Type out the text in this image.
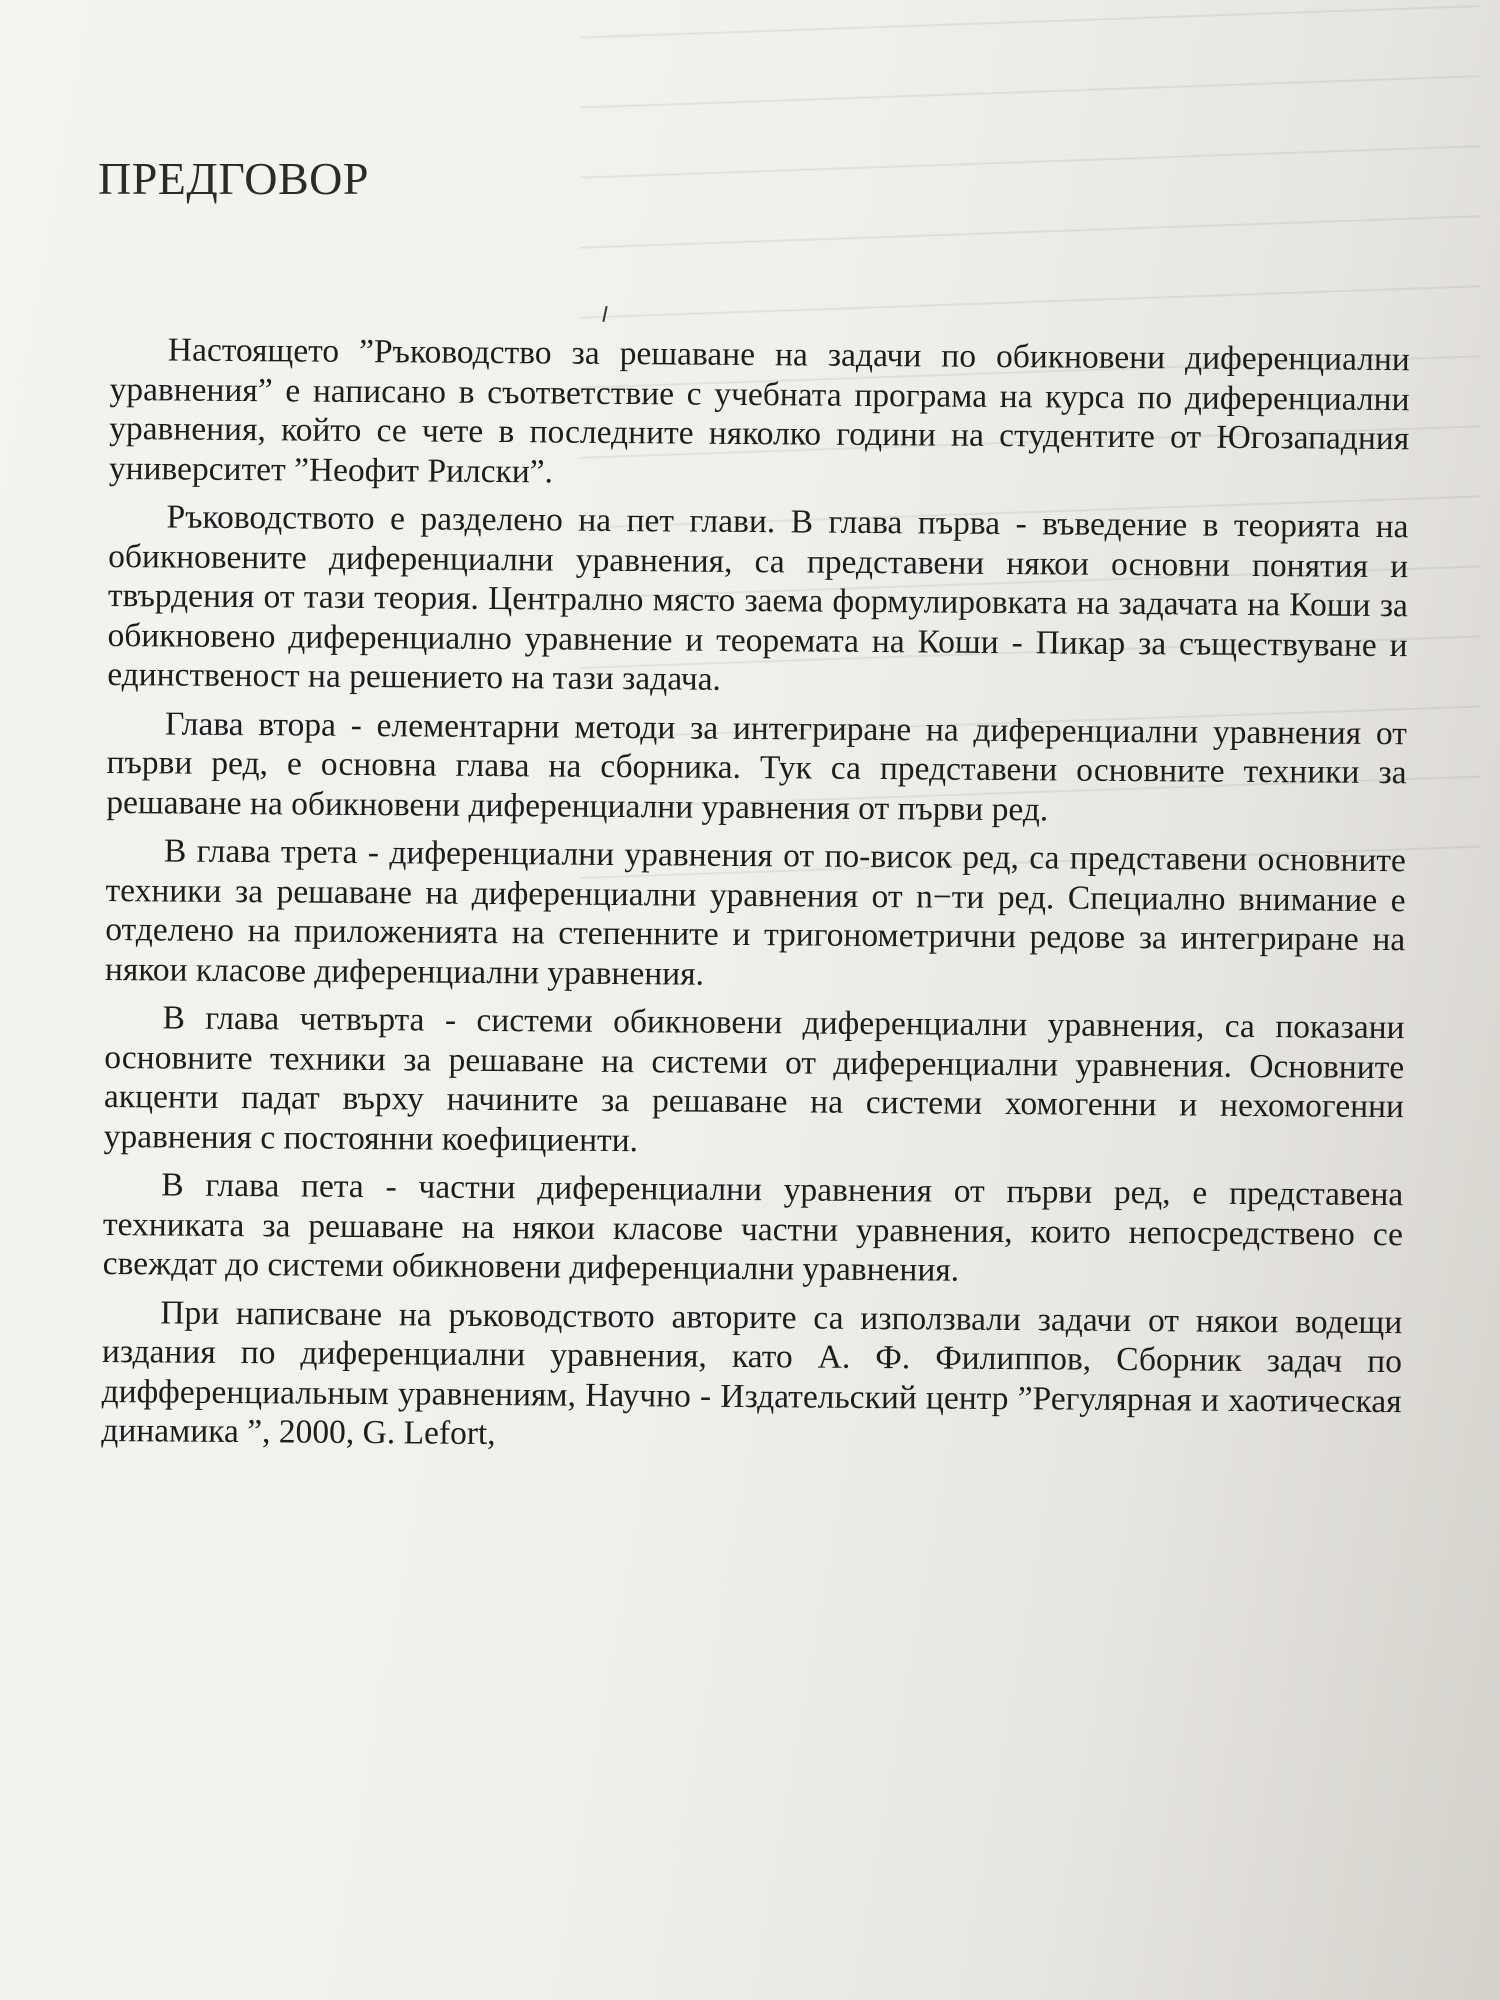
ПРЕДГОВОР

Настоящето ”Ръководство за решаване на задачи по обикновени диференциални уравнения” е написано в съответствие с учебната програма на курса по диференциални уравнения, който се чете в последните няколко години на студентите от Югозападния университет ”Неофит Рилски”.

Ръководството е разделено на пет глави. В глава първа - въведение в теорията на обикновените диференциални уравнения, са представени някои основни понятия и твърдения от тази теория. Централно място заема формулировката на задачата на Коши за обикновено диференциално уравнение и теоремата на Коши - Пикар за съществуване и единственост на решението на тази задача.

Глава втора - елементарни методи за интегриране на диференциални уравнения от първи ред, е основна глава на сборника. Тук са представени основните техники за решаване на обикновени диференциални уравнения от първи ред.

В глава трета - диференциални уравнения от по-висок ред, са представени основните техники за решаване на диференциални уравнения от n−ти ред. Специално внимание е отделено на приложенията на степенните и тригонометрични редове за интегриране на някои класове диференциални уравнения.

В глава четвърта - системи обикновени диференциални уравнения, са показани основните техники за решаване на системи от диференциални уравнения. Основните акценти падат върху начините за решаване на системи хомогенни и нехомогенни уравнения с постоянни коефициенти.

В глава пета - частни диференциални уравнения от първи ред, е представена техниката за решаване на някои класове частни уравнения, които непосредствено се свеждат до системи обикновени диференциални уравнения.

При написване на ръководството авторите са използвали задачи от някои водещи издания по диференциални уравнения, като А. Ф. Филиппов, Сборник задач по дифференциальным уравнениям, Научно - Издательский центр ”Регулярная и хаотическая динамика ”, 2000, G. Lefort,
